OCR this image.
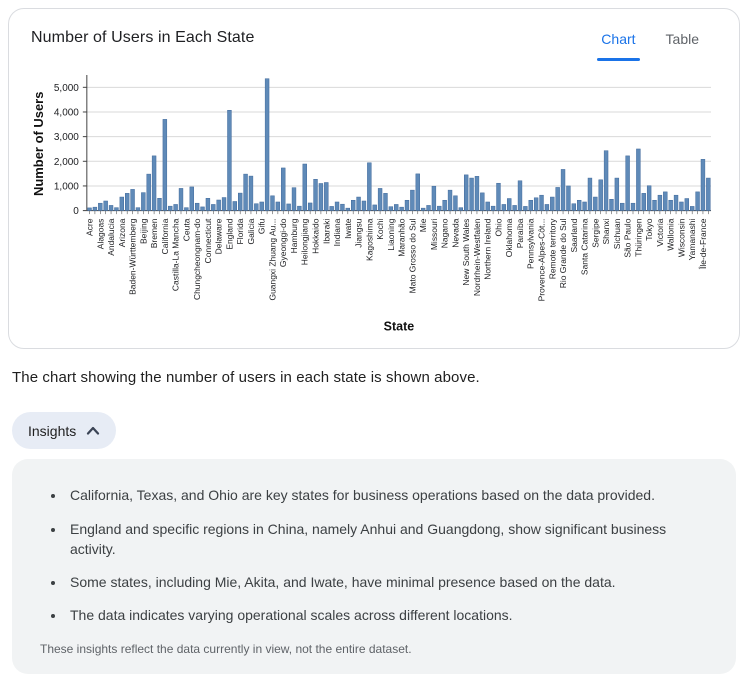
Number of Users in Each State	Chart Table
0
1,000
2,000
3,000
4,000
5,000
Acre Alagoas Andalucia Arizona Baden-Württemberg Beijing Bremen California Castilla-La Mancha Ceuta Chungcheongnam-do Connecticut Delaware England Florida Galicia Gifu Guangxi Zhuang Au... Gyeonggi-do Hamburg Heilongjiang Hokkaido Ibaraki Indiana Iwate Jiangsu Kagoshima Kochi Liaoning Maranhão Mato Grosso do Sul Mie Missouri Nagano Nevada New South Wales Nordrhein-Westfalen Northern Ireland Ohio Oklahoma Paraíba Pennsylvania Provence-Alpes-Côt... Remote territory Rio Grande do Sul Saarland Santa Catarina Sergipe Shanxi Sichuan São Paulo Thüringen Tokyo Victoria Wallonia Wisconsin Yamanashi Île-de-France
State
Number of Users

The chart showing the number of users in each state is shown above.

Insights
• California, Texas, and Ohio are key states for business operations based on the data provided.
• England and specific regions in China, namely Anhui and Guangdong, show significant business activity.
• Some states, including Mie, Akita, and Iwate, have minimal presence based on the data.
• The data indicates varying operational scales across different locations.
These insights reflect the data currently in view, not the entire dataset.
